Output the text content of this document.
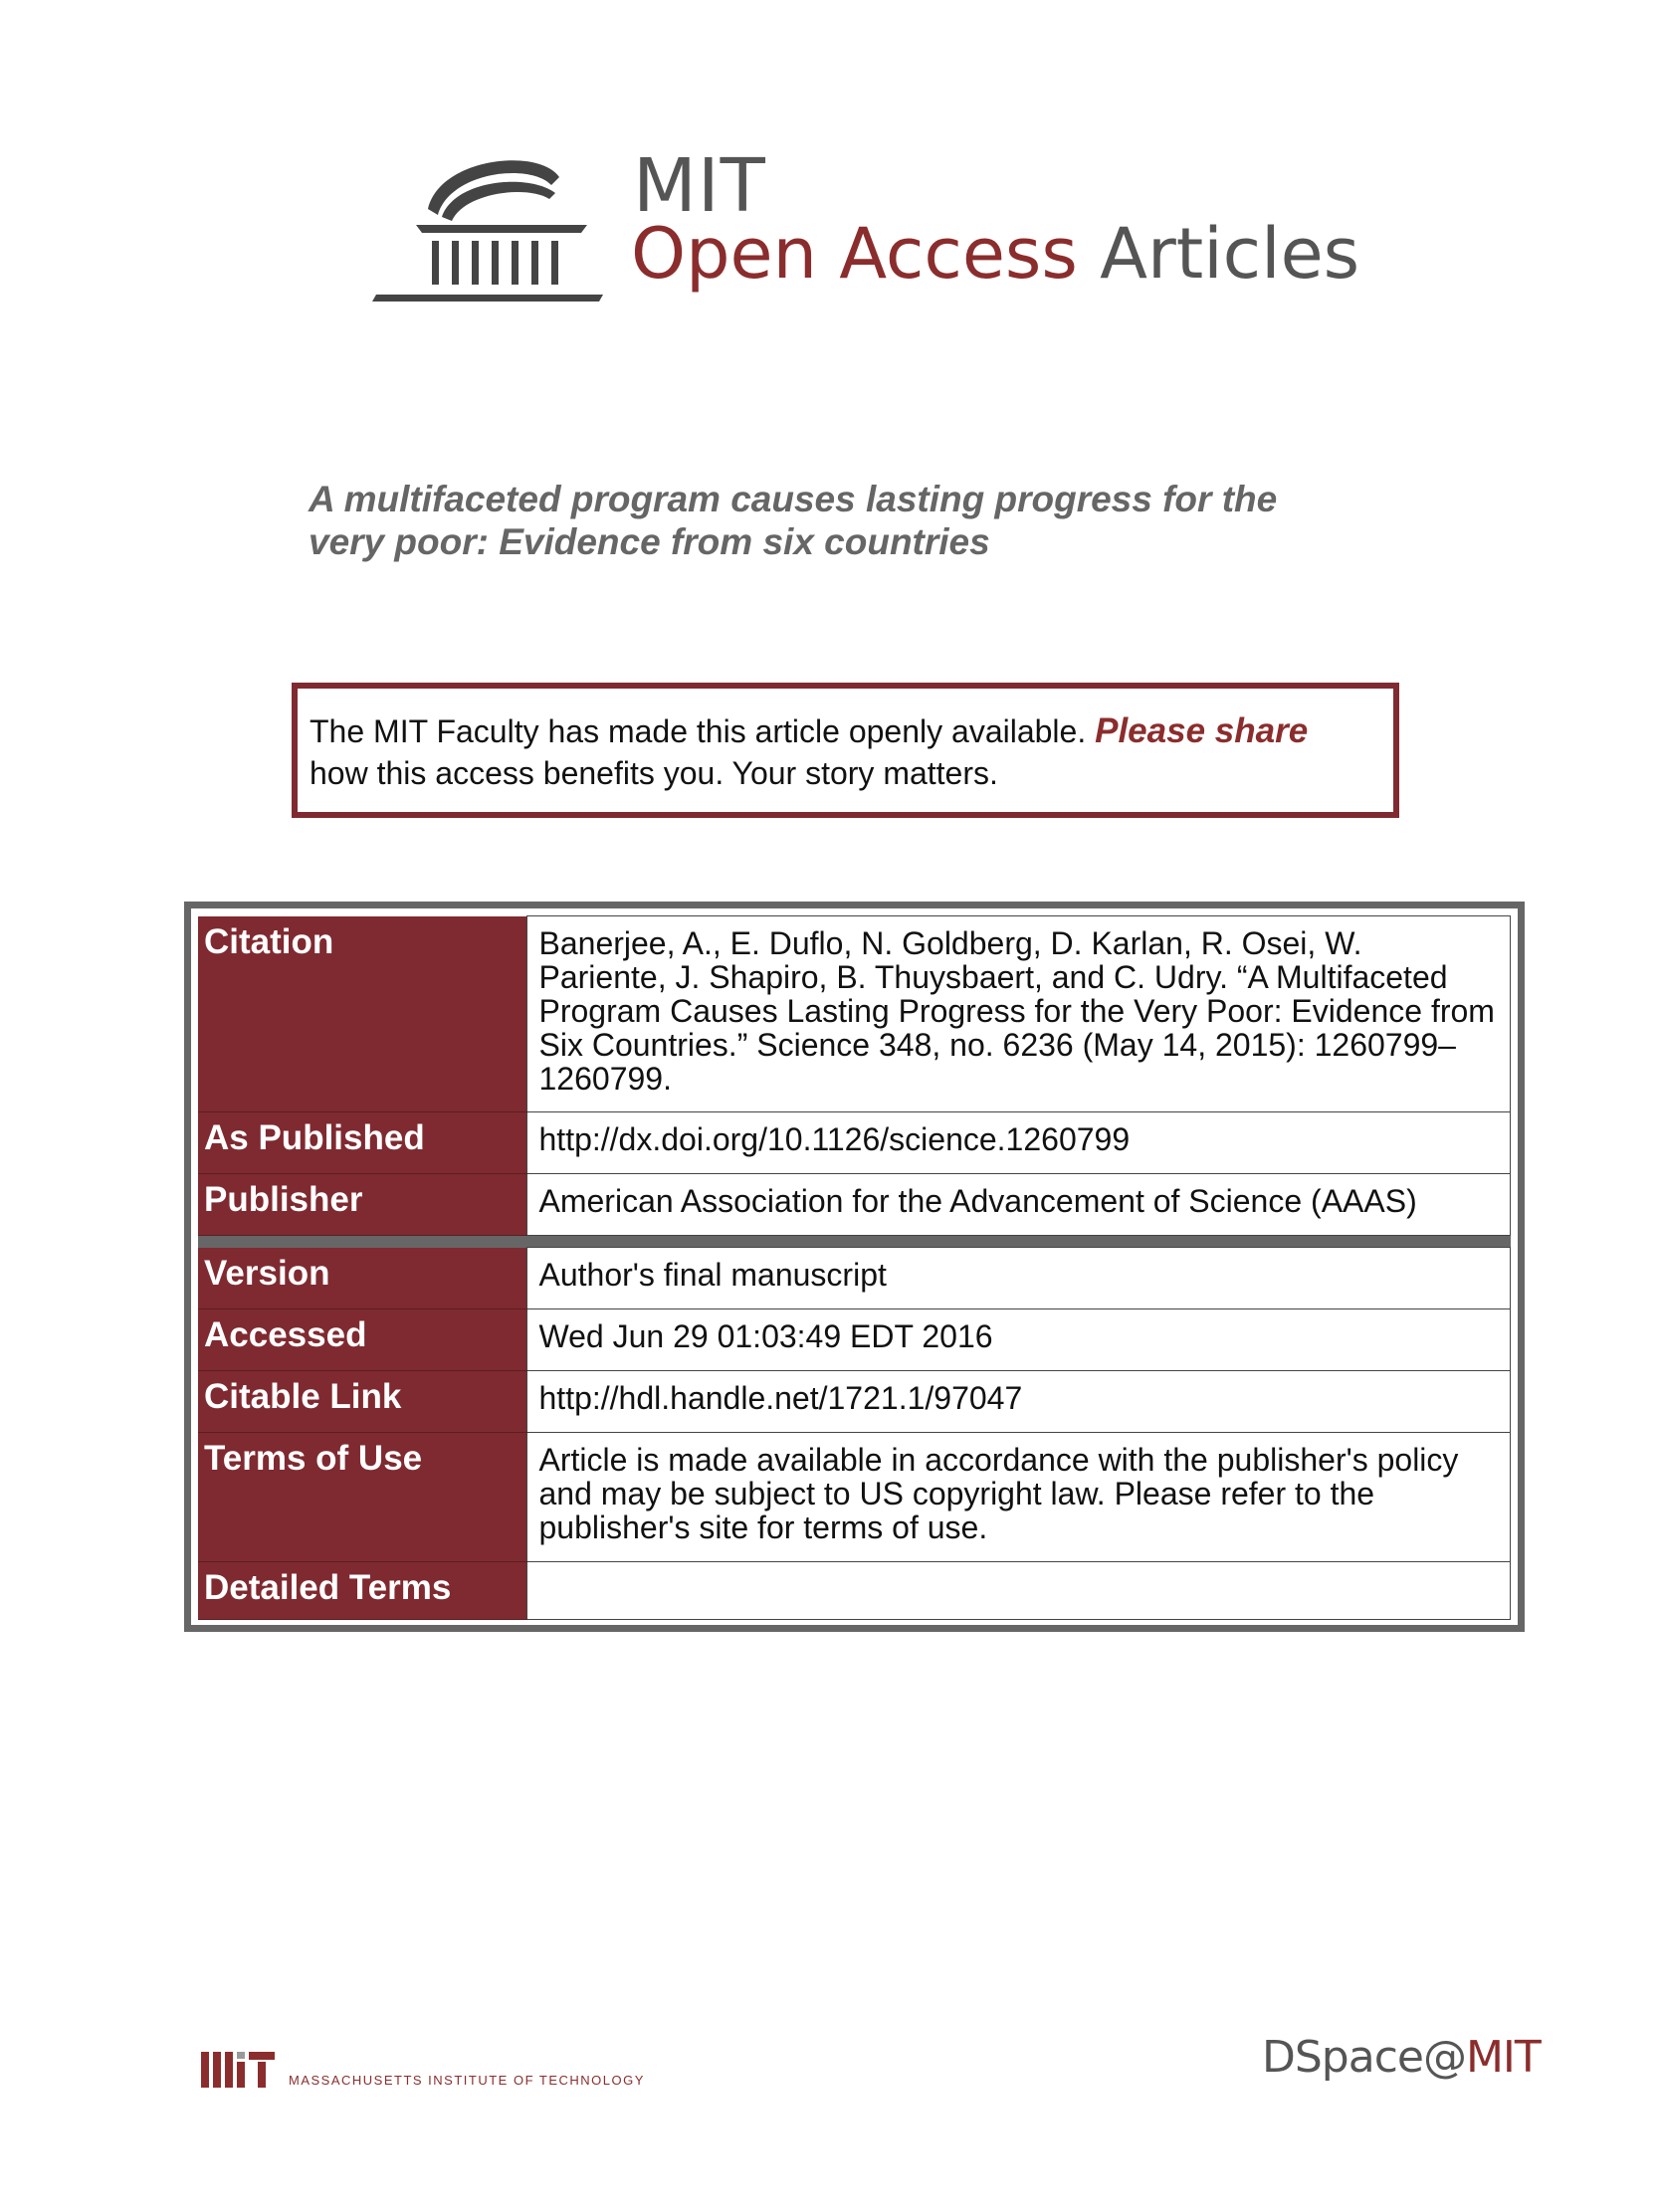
MIT
Open Access Articles
A multifaceted program causes lasting progress for the
very poor: Evidence from six countries
The MIT Faculty has made this article openly available. Please share
how this access benefits you. Your story matters.
Citation	Banerjee, A., E. Duflo, N. Goldberg, D. Karlan, R. Osei, W. Pariente, J. Shapiro, B. Thuysbaert, and C. Udry. “A Multifaceted Program Causes Lasting Progress for the Very Poor: Evidence from Six Countries.” Science 348, no. 6236 (May 14, 2015): 1260799–1260799.
As Published	http://dx.doi.org/10.1126/science.1260799
Publisher	American Association for the Advancement of Science (AAAS)

Version	Author's final manuscript
Accessed	Wed Jun 29 01:03:49 EDT 2016
Citable Link	http://hdl.handle.net/1721.1/97047
Terms of Use	Article is made available in accordance with the publisher's policy and may be subject to US copyright law. Please refer to the publisher's site for terms of use.
Detailed Terms	
MASSACHUSETTS INSTITUTE OF TECHNOLOGY	DSpace@MIT
